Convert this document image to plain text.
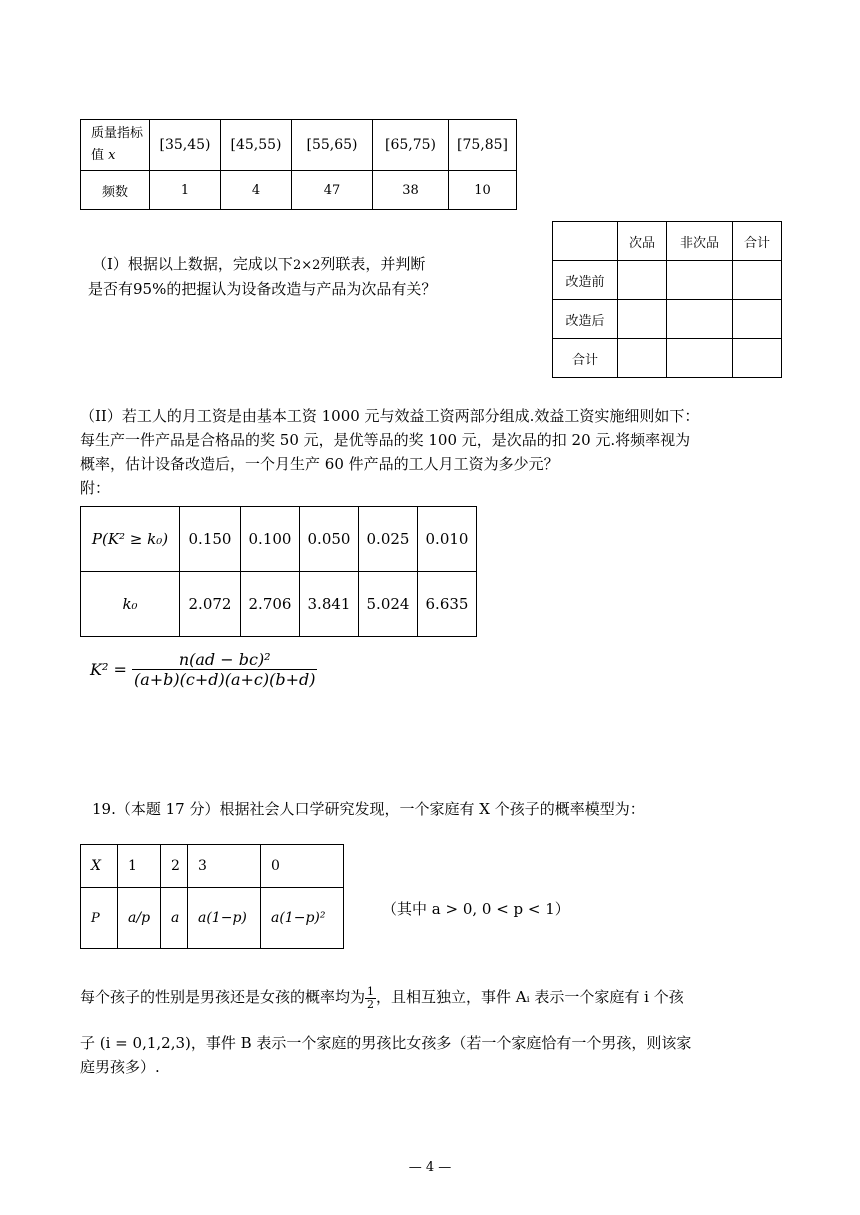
质量指标值 x	[35,45)	[45,55)	[55,65)	[65,75)	[75,85]
频数	1	4	47	38	10
（I）根据以上数据，完成以下2×2列联表，并判断
是否有95%的把握认为设备改造与产品为次品有关？
	次品	非次品	合计
改造前			
改造后			
合计			
（II）若工人的月工资是由基本工资 1000 元与效益工资两部分组成.效益工资实施细则如下：
每生产一件产品是合格品的奖 50 元，是优等品的奖 100 元，是次品的扣 20 元.将频率视为
概率，估计设备改造后，一个月生产 60 件产品的工人月工资为多少元？
附：
P(K² ≥ k₀)	0.150	0.100	0.050	0.025	0.010
k₀	2.072	2.706	3.841	5.024	6.635
$K^2 = \frac{\text{n(ad − bc)²}}{(a+b)(c+d)(a+c)(b+d)}$
19.（本题 17 分）根据社会人口学研究发现，一个家庭有 X 个孩子的概率模型为：
X	1	2	3	0
P	a/p	a	a(1−p)	a(1−p)²	（其中 a > 0, 0 < p < 1）
每个孩子的性别是男孩还是女孩的概率均为 $\frac{1}{2}$ ，且相互独立，事件 Aᵢ 表示一个家庭有 i 个孩
子 (i = 0,1,2,3)，事件 B 表示一个家庭的男孩比女孩多（若一个家庭恰有一个男孩，则该家
庭男孩多）.
— 4 —
